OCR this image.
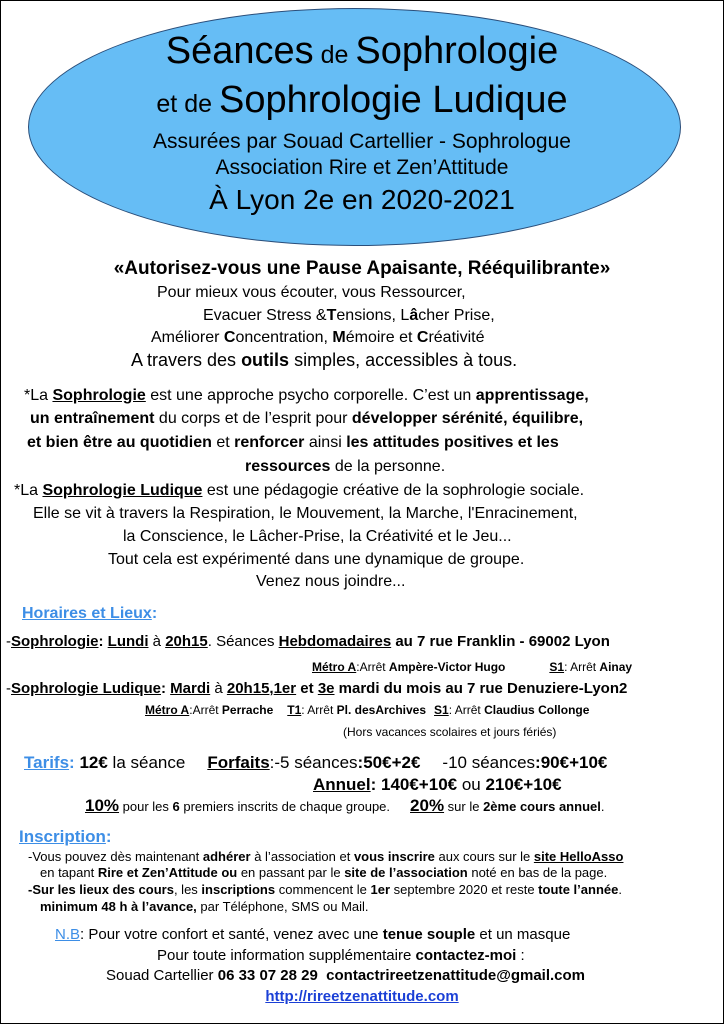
Séances de Sophrologie
et de Sophrologie Ludique
Assurées par Souad Cartellier - Sophrologue
Association Rire et Zen’Attitude
À Lyon 2e en 2020-2021
«Autorisez-vous une Pause Apaisante, Rééquilibrante»
Pour mieux vous écouter, vous Ressourcer,
Evacuer Stress &Tensions, Lâcher Prise,
Améliorer Concentration, Mémoire et Créativité
A travers des outils simples, accessibles à tous.
*La Sophrologie est une approche psycho corporelle. C’est un apprentissage,
un entraînement du corps et de l’esprit pour développer sérénité, équilibre,
et bien être au quotidien et renforcer ainsi les attitudes positives et les
ressources de la personne.
*La Sophrologie Ludique est une pédagogie créative de la sophrologie sociale.
Elle se vit à travers la Respiration, le Mouvement, la Marche, l'Enracinement,
la Conscience, le Lâcher-Prise, la Créativité et le Jeu...
Tout cela est expérimenté dans une dynamique de groupe.
Venez nous joindre...
Horaires et Lieux:
-Sophrologie: Lundi à 20h15. Séances Hebdomadaires au 7 rue Franklin - 69002 Lyon
Métro A:Arrêt Ampère-Victor Hugo	S1: Arrêt Ainay
-Sophrologie Ludique: Mardi à 20h15,1er et 3e mardi du mois au 7 rue Denuziere-Lyon2
Métro A:Arrêt Perrache T1: Arrêt Pl. desArchives S1: Arrêt Claudius Collonge
(Hors vacances scolaires et jours fériés)
Tarifs: 12€ la séance Forfaits:-5 séances:50€+2€ -10 séances:90€+10€
Annuel: 140€+10€ ou 210€+10€
10% pour les 6 premiers inscrits de chaque groupe. 20% sur le 2ème cours annuel.
Inscription:
-Vous pouvez dès maintenant adhérer à l’association et vous inscrire aux cours sur le site HelloAsso
en tapant Rire et Zen’Attitude ou en passant par le site de l’association noté en bas de la page.
-Sur les lieux des cours, les inscriptions commencent le 1er septembre 2020 et reste toute l’année.
minimum 48 h à l’avance, par Téléphone, SMS ou Mail.
N.B: Pour votre confort et santé, venez avec une tenue souple et un masque
Pour toute information supplémentaire contactez-moi :
Souad Cartellier 06 33 07 28 29 contactrireetzenattitude@gmail.com
http://rireetzenattitude.com
